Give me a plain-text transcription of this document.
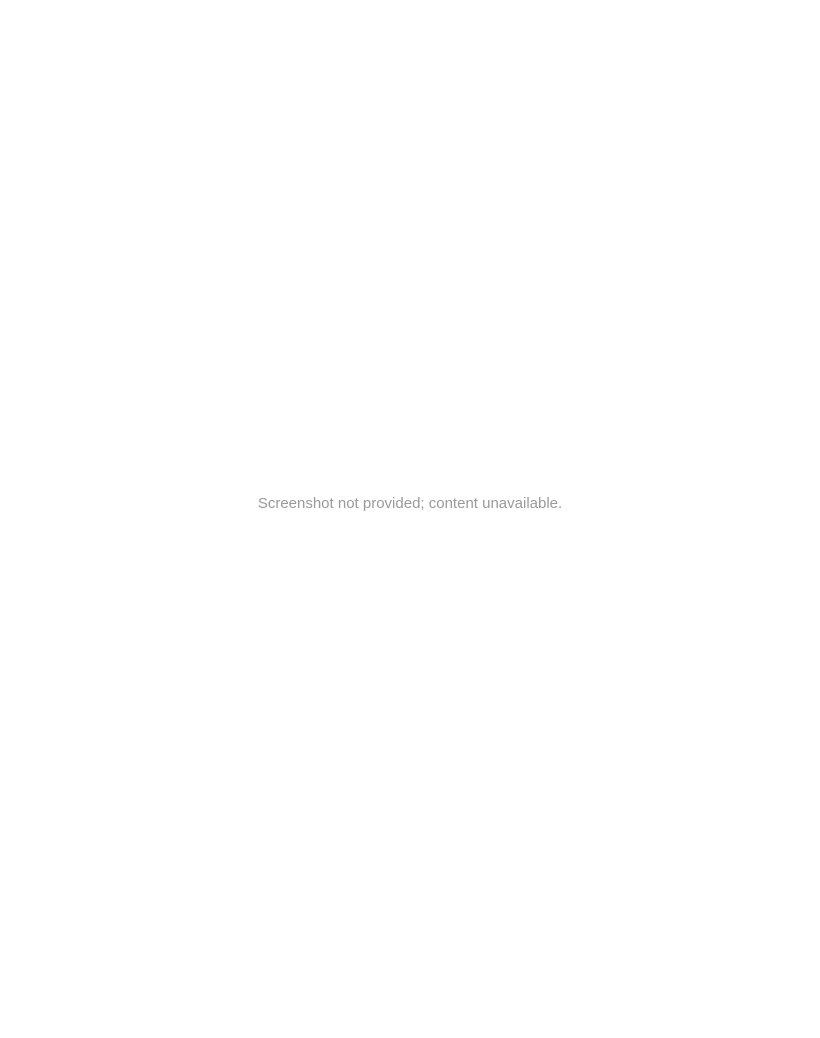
Screenshot not provided; content unavailable.
